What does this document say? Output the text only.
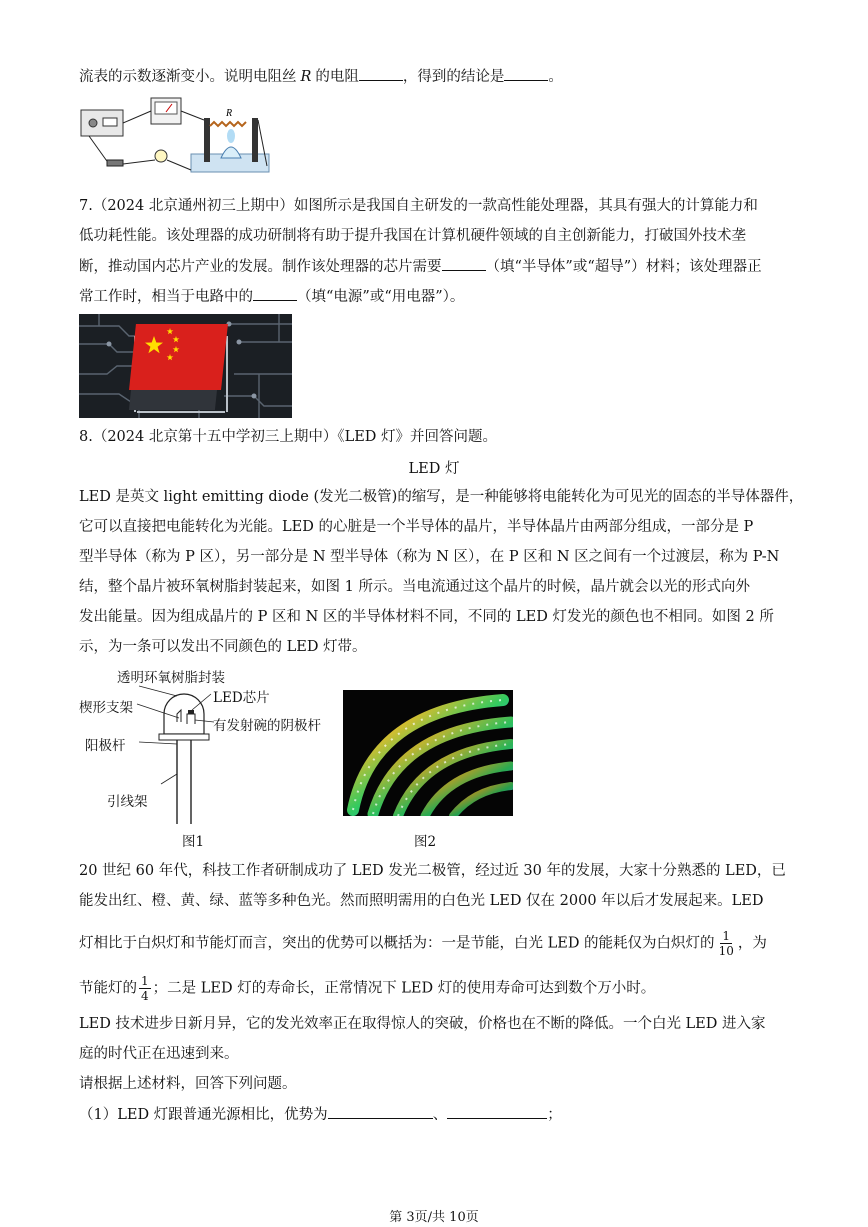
流表的示数逐渐变小。说明电阻丝 R 的电阻	，得到的结论是	。
R
7.（2024 北京通州初三上期中）如图所示是我国自主研发的一款高性能处理器，其具有强大的计算能力和
低功耗性能。该处理器的成功研制将有助于提升我国在计算机硬件领域的自主创新能力，打破国外技术垄
断，推动国内芯片产业的发展。制作该处理器的芯片需要	（填“半导体”或“超导”）材料；该处理器正
常工作时，相当于电路中的	（填“电源”或“用电器”）。
8.（2024 北京第十五中学初三上期中）《LED 灯》并回答问题。
LED 灯
LED 是英文 light emitting diode (发光二极管)的缩写，是一种能够将电能转化为可见光的固态的半导体器件，
它可以直接把电能转化为光能。LED 的心脏是一个半导体的晶片，半导体晶片由两部分组成，一部分是 P
型半导体（称为 P 区），另一部分是 N 型半导体（称为 N 区），在 P 区和 N 区之间有一个过渡层，称为 P-N
结，整个晶片被环氧树脂封装起来，如图 1 所示。当电流通过这个晶片的时候，晶片就会以光的形式向外
发出能量。因为组成晶片的 P 区和 N 区的半导体材料不同，不同的 LED 灯发光的颜色也不相同。如图 2 所
示，为一条可以发出不同颜色的 LED 灯带。
透明环氧树脂封装
LED芯片
楔形支架
有发射碗的阴极杆
阳极杆
引线架
图1	图2
20 世纪 60 年代，科技工作者研制成功了 LED 发光二极管，经过近 30 年的发展，大家十分熟悉的 LED，已
能发出红、橙、黄、绿、蓝等多种色光。然而照明需用的白色光 LED 仅在 2000 年以后才发展起来。LED
灯相比于白炽灯和节能灯而言，突出的优势可以概括为：一是节能，白光 LED 的能耗仅为白炽灯的 $\frac{1}{10}$ ，为
节能灯的 $\frac{1}{4}$ ；二是 LED 灯的寿命长，正常情况下 LED 灯的使用寿命可达到数个万小时。
LED 技术进步日新月异，它的发光效率正在取得惊人的突破，价格也在不断的降低。一个白光 LED 进入家
庭的时代正在迅速到来。
请根据上述材料，回答下列问题。
（1）LED 灯跟普通光源相比，优势为	、	；
第 3页/共 10页
